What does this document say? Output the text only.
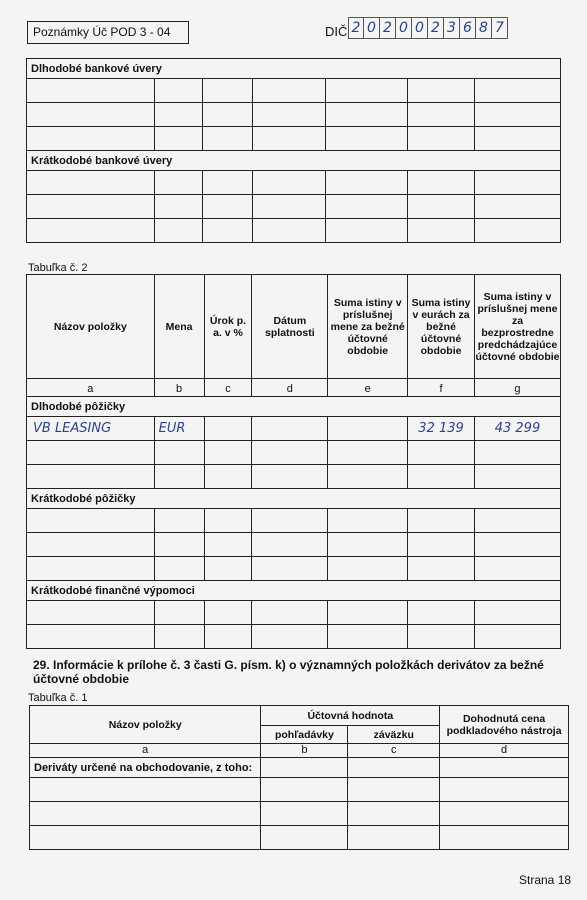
Poznámky Úč POD 3 - 04	DIČ 2 0 2 0 0 2 3 6 8 7
Dlhodobé bankové úvery						

Krátkodobé bankové úvery						

Tabuľka č. 2
Názov položky	Mena	Úrok p. a. v %	Dátum splatnosti	Suma istiny v príslušnej mene za bežné účtovné obdobie	Suma istiny v eurách za bežné účtovné obdobie	Suma istiny v príslušnej mene za bezprostredne predchádzajúce účtovné obdobie
a	b	c	d	e	f	g
Dlhodobé pôžičky						
VB LEASING	EUR				32 139	43 299

Krátkodobé pôžičky						

Krátkodobé finančné výpomoci						

29. Informácie k prílohe č. 3 časti G. písm. k) o významných položkách derivátov za bežné účtovné obdobie
Tabuľka č. 1
Názov položky	Účtovná hodnota		Dohodnutá cena podkladového nástroja
	pohľadávky	záväzku	
a	b	c	d
Deriváty určené na obchodovanie, z toho:			

Strana 18
